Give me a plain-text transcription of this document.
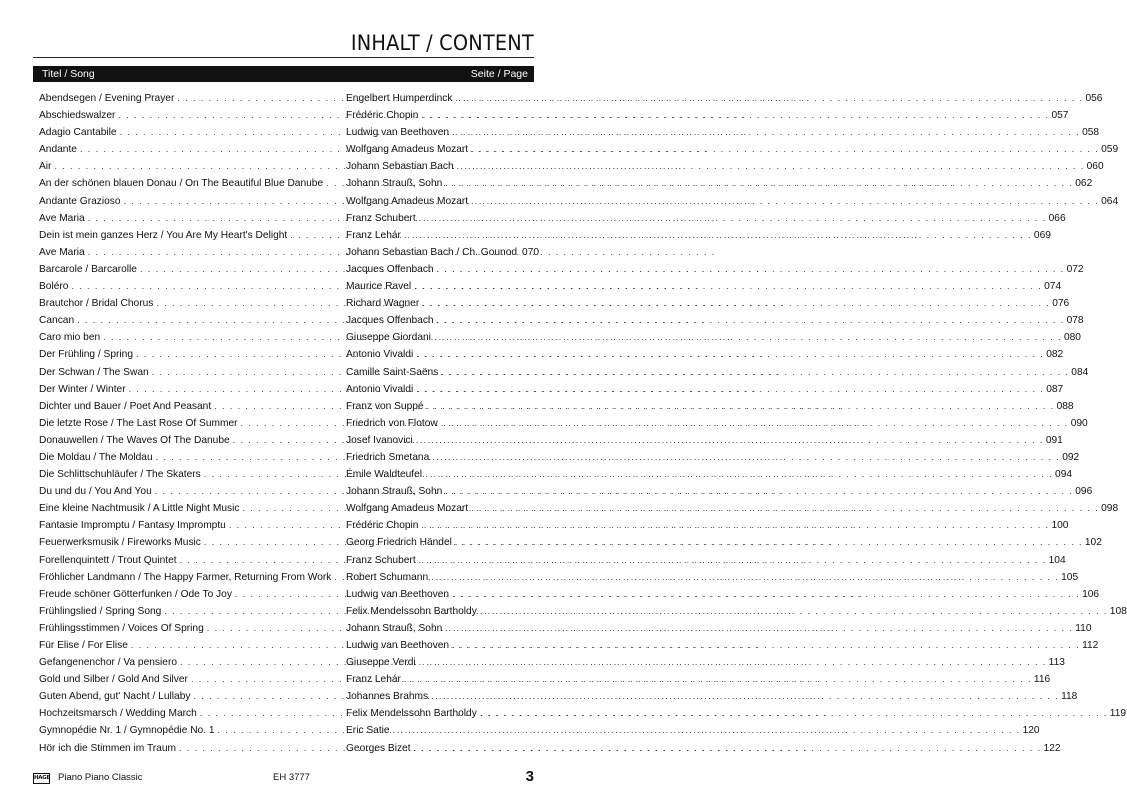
INHALT / CONTENT
Titel / Song	Seite / Page
Abendsegen / Evening Prayer . . .	Engelbert Humperdinck . . .	056
Abschiedswalzer . . .	Frédéric Chopin . . .	057
Adagio Cantabile . . .	Ludwig van Beethoven . . .	058
Andante . . .	Wolfgang Amadeus Mozart . . .	059
Air . . .	Johann Sebastian Bach . . .	060
An der schönen blauen Donau / On The Beautiful Blue Danube . . . Johann Strauß, Sohn . . .	062
Andante Grazioso . . .	Wolfgang Amadeus Mozart . . .	064
Ave Maria . . .	Franz Schubert . . .	066
Dein ist mein ganzes Herz / You Are My Heart's Delight . . .	Franz Lehár . . .	069
Ave Maria . . .	Johann Sebastian Bach / Ch. Gounod 070
Barcarole / Barcarolle . . .	Jacques Offenbach . . .	072
Boléro . . .	Maurice Ravel . . .	074
Brautchor / Bridal Chorus . . .	Richard Wagner . . .	076
Cancan . . .	Jacques Offenbach . . .	078
Caro mio ben . . .	Giuseppe Giordani . . .	080
Der Frühling / Spring . . .	Antonio Vivaldi . . .	082
Der Schwan / The Swan . . .	Camille Saint-Saëns . . .	084
Der Winter / Winter . . .	Antonio Vivaldi . . .	087
Dichter und Bauer / Poet And Peasant . . .	Franz von Suppé . . .	088
Die letzte Rose / The Last Rose Of Summer . . .	Friedrich von Flotow . . .	090
Donauwellen / The Waves Of The Danube . . .	Josef Ivanovici . . .	091
Die Moldau / The Moldau . . .	Friedrich Smetana . . .	092
Die Schlittschuhläufer / The Skaters . . .	Émile Waldteufel . . .	094
Du und du / You And You . . .	Johann Strauß, Sohn . . .	096
Eine kleine Nachtmusik / A Little Night Music . . .	Wolfgang Amadeus Mozart . . .	098
Fantasie Impromptu / Fantasy Impromptu . . .	Frédéric Chopin . . .	100
Feuerwerksmusik / Fireworks Music . . .	Georg Friedrich Händel . . .	102
Forellenquintett / Trout Quintet . . .	Franz Schubert . . .	104
Fröhlicher Landmann / The Happy Farmer, Returning From Work . . . Robert Schumann . . .	105
Freude schöner Götterfunken / Ode To Joy . . .	Ludwig van Beethoven . . .	106
Frühlingslied / Spring Song . . .	Felix Mendelssohn Bartholdy . . .	108
Frühlingsstimmen / Voices Of Spring . . .	Johann Strauß, Sohn . . .	110
Für Elise / For Elise . . .	Ludwig van Beethoven . . .	112
Gefangenenchor / Va pensiero . . .	Giuseppe Verdi . . .	113
Gold und Silber / Gold And Silver . . .	Franz Lehár . . .	116
Guten Abend, gut' Nacht / Lullaby . . .	Johannes Brahms . . .	118
Hochzeitsmarsch / Wedding March . . .	Felix Mendelssohn Bartholdy . . .	119
Gymnopédie Nr. 1 / Gymnopédie No. 1 . . .	Eric Satie . . .	120
Hör ich die Stimmen im Traum . . .	Georges Bizet . . .	122
HAGE Piano Piano Classic	EH 3777	3
